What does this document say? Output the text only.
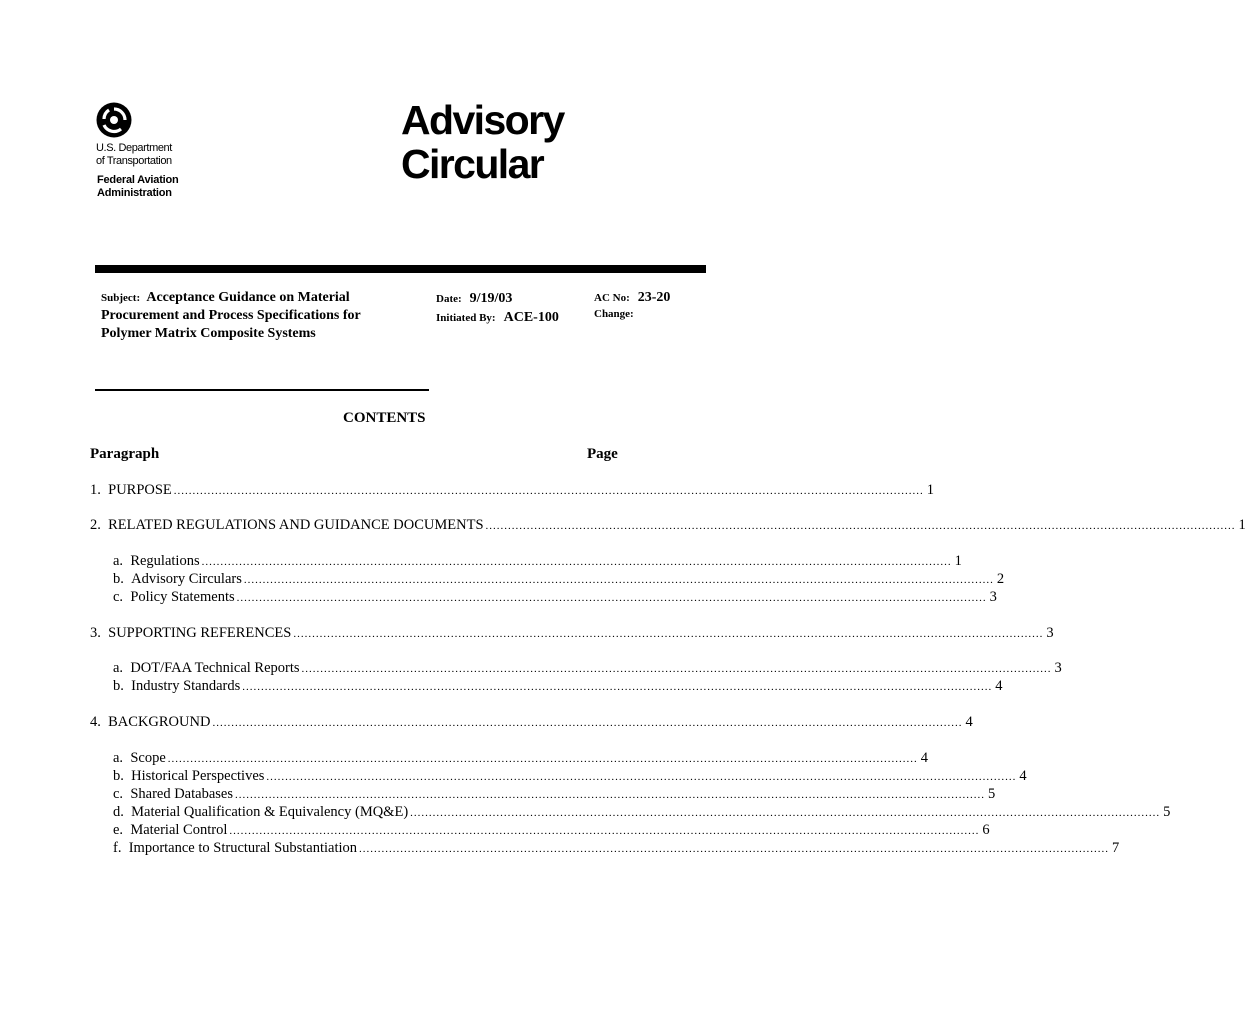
U.S. Department
of Transportation
Federal Aviation
Administration
Advisory
Circular
Subject: Acceptance Guidance on Material
Procurement and Process Specifications for
Polymer Matrix Composite Systems
Date: 9/19/03
Initiated By: ACE-100
AC No: 23-20
Change:
CONTENTS
Paragraph	Page
1.
PURPOSE ........................................................................................................................................................................................................ 1
2.
RELATED REGULATIONS AND GUIDANCE DOCUMENTS ........................................................................................................................................................................................................ 1
a.
Regulations ........................................................................................................................................................................................................ 1
b.
Advisory Circulars ........................................................................................................................................................................................................ 2
c.
Policy Statements ........................................................................................................................................................................................................ 3
3.
SUPPORTING REFERENCES ........................................................................................................................................................................................................ 3
a.
DOT/FAA Technical Reports ........................................................................................................................................................................................................ 3
b.
Industry Standards ........................................................................................................................................................................................................ 4
4.
BACKGROUND ........................................................................................................................................................................................................ 4
a.
Scope ........................................................................................................................................................................................................ 4
b.
Historical Perspectives ........................................................................................................................................................................................................ 4
c.
Shared Databases ........................................................................................................................................................................................................ 5
d.
Material Qualification & Equivalency (MQ&E) ........................................................................................................................................................................................................ 5
e.
Material Control ........................................................................................................................................................................................................ 6
f.
Importance to Structural Substantiation ........................................................................................................................................................................................................ 7
